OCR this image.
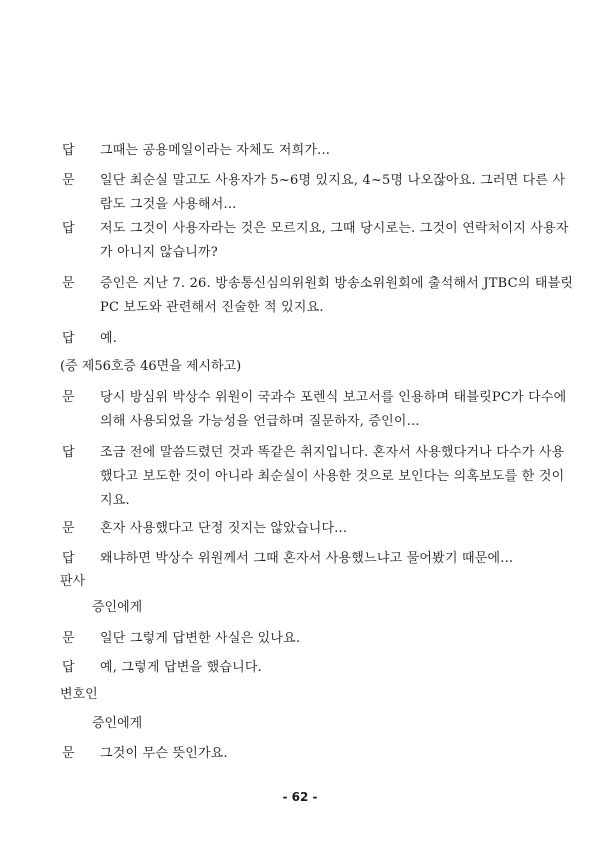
답 그때는 공용메일이라는 자체도 저희가...
문 일단 최순실 말고도 사용자가 5~6명 있지요, 4~5명 나오잖아요. 그러면 다른 사
람도 그것을 사용해서...
답 저도 그것이 사용자라는 것은 모르지요, 그때 당시로는. 그것이 연락처이지 사용자
가 아니지 않습니까?
문 증인은 지난 7. 26. 방송통신심의위원회 방송소위원회에 출석해서 JTBC의 태블릿
PC 보도와 관련해서 진술한 적 있지요.
답 예.
(증 제56호증 46면을 제시하고)
문 당시 방심위 박상수 위원이 국과수 포렌식 보고서를 인용하며 태블릿PC가 다수에
의해 사용되었을 가능성을 언급하며 질문하자, 증인이...
답 조금 전에 말씀드렸던 것과 똑같은 취지입니다. 혼자서 사용했다거나 다수가 사용
했다고 보도한 것이 아니라 최순실이 사용한 것으로 보인다는 의혹보도를 한 것이
지요.
문 혼자 사용했다고 단정 짓지는 않았습니다...
답 왜냐하면 박상수 위원께서 그때 혼자서 사용했느냐고 물어봤기 때문에...
판사
증인에게
문 일단 그렇게 답변한 사실은 있나요.
답 예, 그렇게 답변을 했습니다.
변호인
증인에게
문 그것이 무슨 뜻인가요.
- 62 -
